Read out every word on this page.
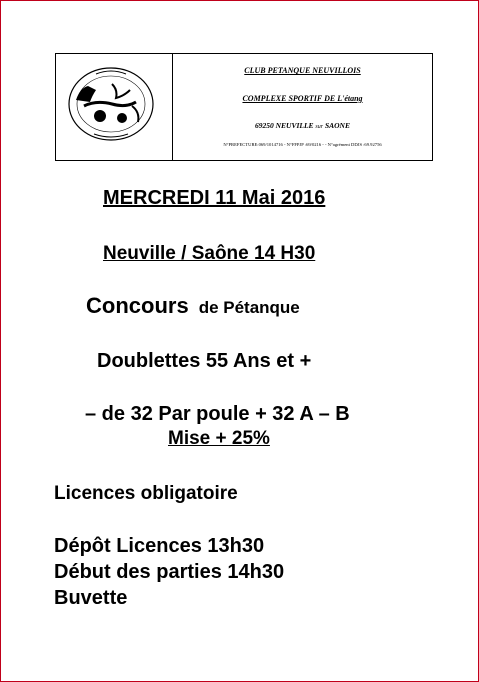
CLUB PETANQUE NEUVILLOIS
COMPLEXE SPORTIF DE L'étang
69250 NEUVILLE sur SAONE
N°PREFECTURE:069/1014716 - N°FFPJP :69/0216 - - N°agrément DDJS :69.92756
MERCREDI 11 Mai 2016
Neuville / Saône 14 H30
Concours de Pétanque
Doublettes 55 Ans et +
– de 32 Par poule + 32 A – B
Mise + 25%
Licences obligatoire
Dépôt Licences 13h30
Début des parties 14h30
Buvette
